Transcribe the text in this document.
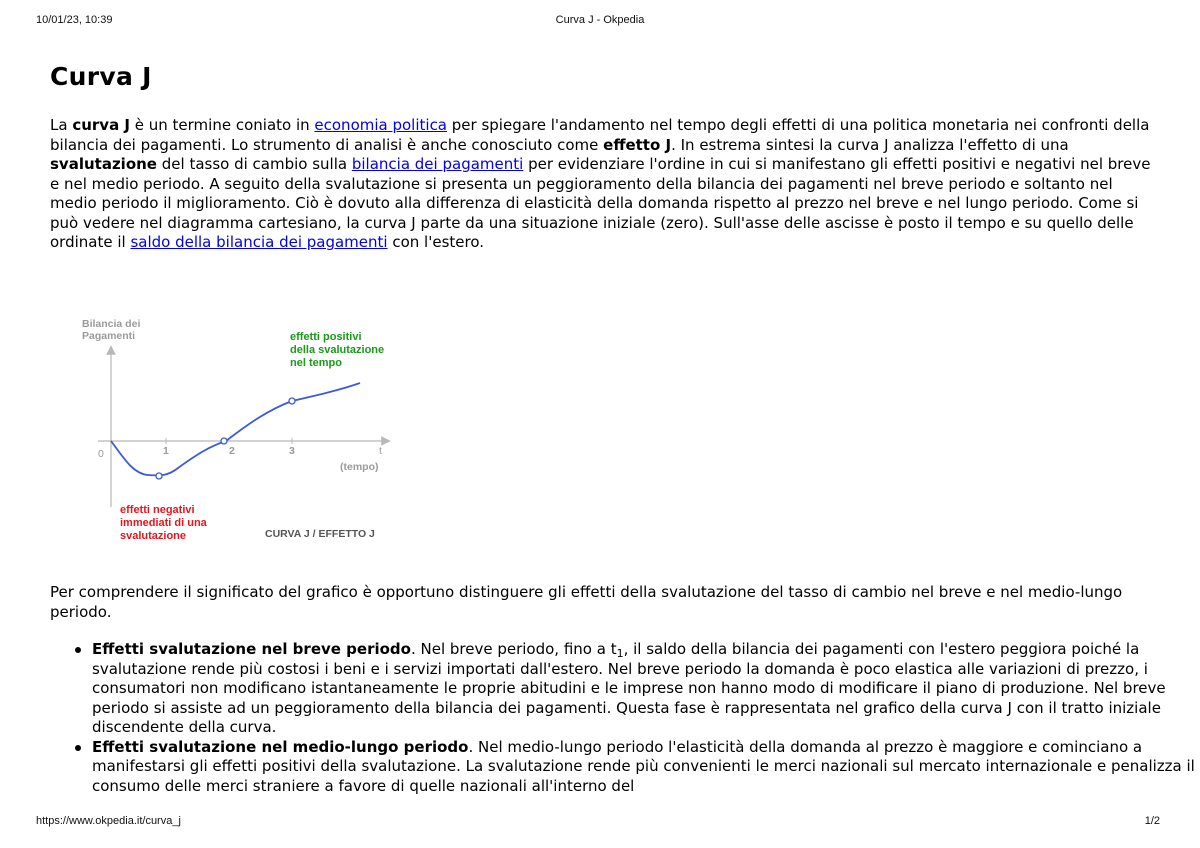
10/01/23, 10:39	Curva J - Okpedia
Curva J

La curva J è un termine coniato in economia politica per spiegare l'andamento nel tempo degli effetti di una politica monetaria nei confronti della bilancia dei pagamenti. Lo strumento di analisi è anche conosciuto come effetto J. In estrema sintesi la curva J analizza l'effetto di una svalutazione del tasso di cambio sulla bilancia dei pagamenti per evidenziare l'ordine in cui si manifestano gli effetti positivi e negativi nel breve e nel medio periodo. A seguito della svalutazione si presenta un peggioramento della bilancia dei pagamenti nel breve periodo e soltanto nel medio periodo il miglioramento. Ciò è dovuto alla differenza di elasticità della domanda rispetto al prezzo nel breve e nel lungo periodo. Come si può vedere nel diagramma cartesiano, la curva J parte da una situazione iniziale (zero). Sull'asse delle ascisse è posto il tempo e su quello delle ordinate il saldo della bilancia dei pagamenti con l'estero.

Bilancia dei
Pagamenti	effetti positivi
della svalutazione
nel tempo
0	1	2	3	t
(tempo)
effetti negativi
immediati di una
svalutazione	CURVA J / EFFETTO J

Per comprendere il significato del grafico è opportuno distinguere gli effetti della svalutazione del tasso di cambio nel breve e nel medio-lungo periodo.

Effetti svalutazione nel breve periodo. Nel breve periodo, fino a $t_1$, il saldo della bilancia dei pagamenti con l'estero peggiora poiché la svalutazione rende più costosi i beni e i servizi importati dall'estero. Nel breve periodo la domanda è poco elastica alle variazioni di prezzo, i consumatori non modificano istantaneamente le proprie abitudini e le imprese non hanno modo di modificare il piano di produzione. Nel breve periodo si assiste ad un peggioramento della bilancia dei pagamenti. Questa fase è rappresentata nel grafico della curva J con il tratto iniziale discendente della curva.
Effetti svalutazione nel medio-lungo periodo. Nel medio-lungo periodo l'elasticità della domanda al prezzo è maggiore e cominciano a manifestarsi gli effetti positivi della svalutazione. La svalutazione rende più convenienti le merci nazionali sul mercato internazionale e penalizza il consumo delle merci straniere a favore di quelle nazionali all'interno del
https://www.okpedia.it/curva_j	1/2
